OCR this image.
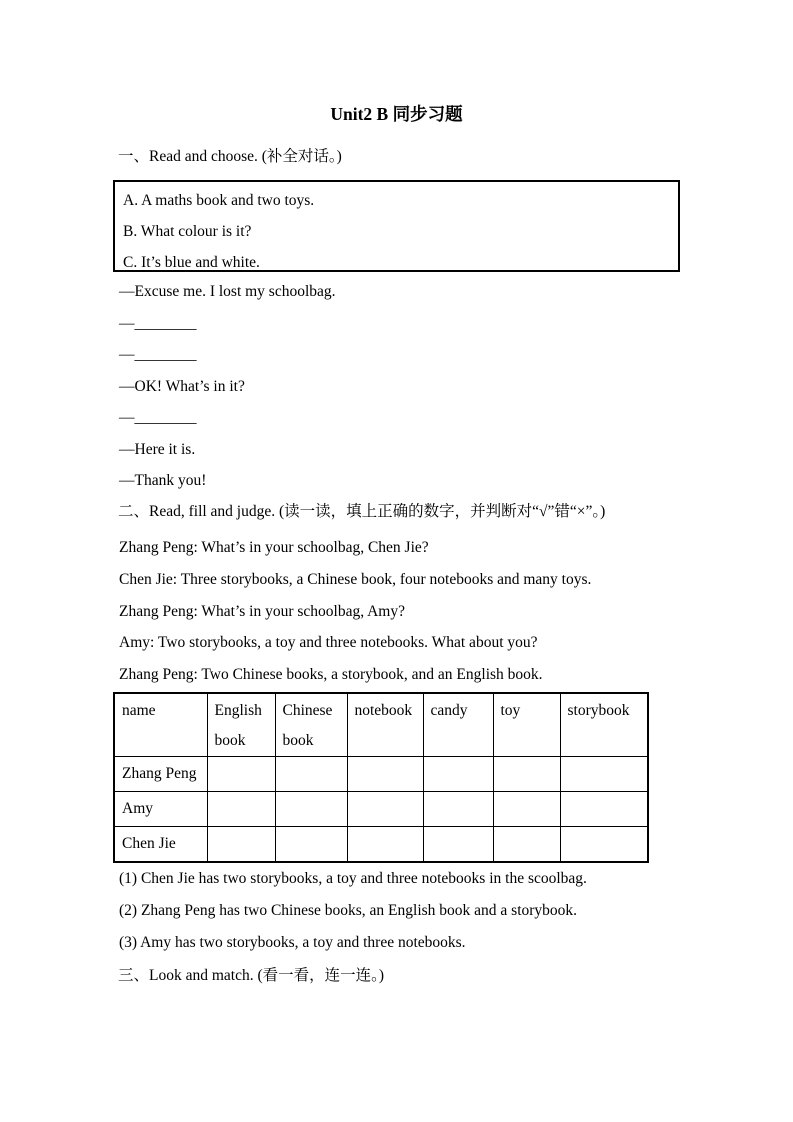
Unit2 B 同步习题
一、Read and choose. (补全对话。)
A. A maths book and two toys.
B. What colour is it?
C. It’s blue and white.
—Excuse me. I lost my schoolbag.
—________
—________
—OK! What’s in it?
—________
—Here it is.
—Thank you!
二、Read, fill and judge. (读一读，填上正确的数字，并判断对“√”错“×”。)
Zhang Peng: What’s in your schoolbag, Chen Jie?
Chen Jie: Three storybooks, a Chinese book, four notebooks and many toys.
Zhang Peng: What’s in your schoolbag, Amy?
Amy: Two storybooks, a toy and three notebooks. What about you?
Zhang Peng: Two Chinese books, a storybook, and an English book.
name	English book	Chinese book	notebook	candy	toy	storybook
Zhang Peng						
Amy						
Chen Jie						
(1) Chen Jie has two storybooks, a toy and three notebooks in the scoolbag.
(2) Zhang Peng has two Chinese books, an English book and a storybook.
(3) Amy has two storybooks, a toy and three notebooks.
三、Look and match. (看一看，连一连。)
